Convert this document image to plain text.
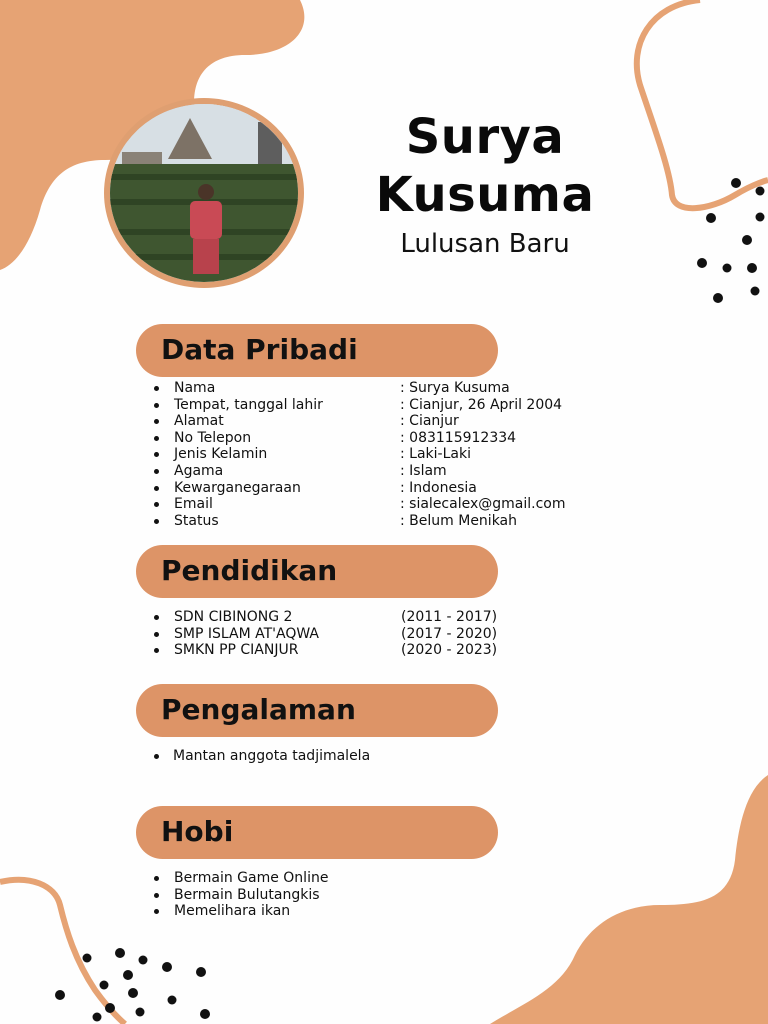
Surya
Kusuma
Lulusan Baru
Data Pribadi
Nama	: Surya Kusuma
Tempat, tanggal lahir	: Cianjur, 26 April 2004
Alamat	: Cianjur
No Telepon	: 083115912334
Jenis Kelamin	: Laki-Laki
Agama	: Islam
Kewarganegaraan	: Indonesia
Email	: sialecalex@gmail.com
Status	: Belum Menikah
Pendidikan
SDN CIBINONG 2	(2011 - 2017)
SMP ISLAM AT'AQWA	(2017 - 2020)
SMKN PP CIANJUR	(2020 - 2023)
Pengalaman
Mantan anggota tadjimalela
Hobi
Bermain Game Online
Bermain Bulutangkis
Memelihara ikan
